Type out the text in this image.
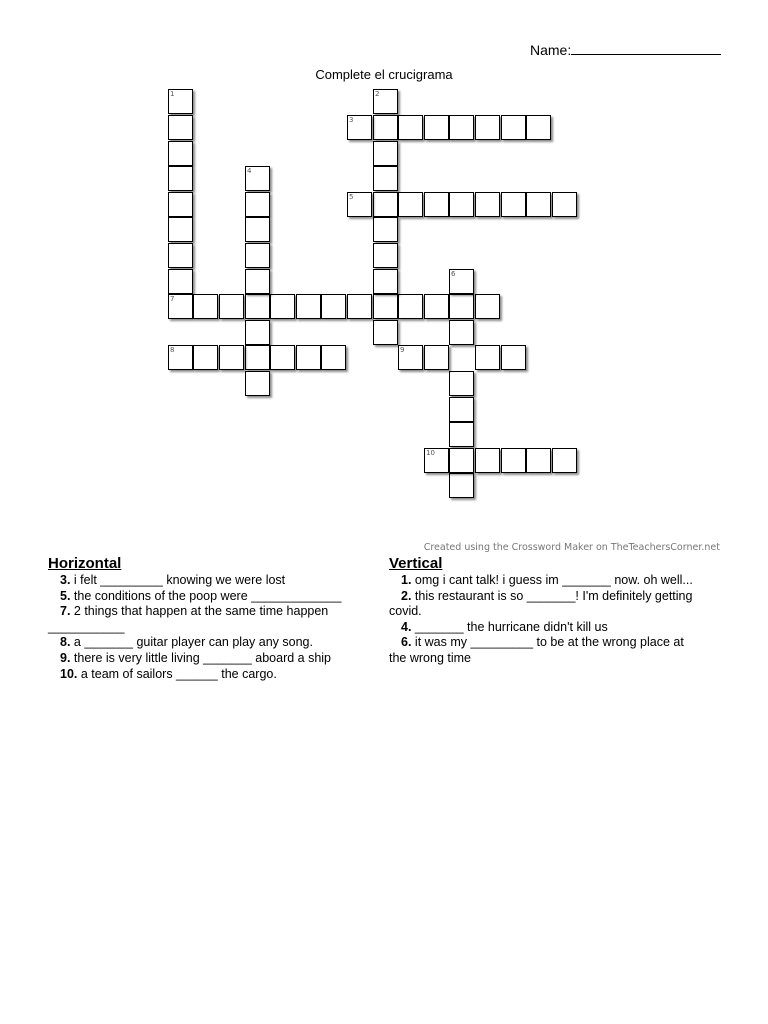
Name:
Complete el crucigrama
1
7
2
3
4
5
6
8	9
10
Created using the Crossword Maker on TheTeachersCorner.net
Horizontal
3. i felt _________ knowing we were lost
5. the conditions of the poop were _____________
7. 2 things that happen at the same time happen
___________
8. a _______ guitar player can play any song.
9. there is very little living _______ aboard a ship
10. a team of sailors ______ the cargo.
Vertical
1. omg i cant talk! i guess im _______ now. oh well...
2. this restaurant is so _______! I'm definitely getting
covid.
4. _______ the hurricane didn't kill us
6. it was my _________ to be at the wrong place at
the wrong time
